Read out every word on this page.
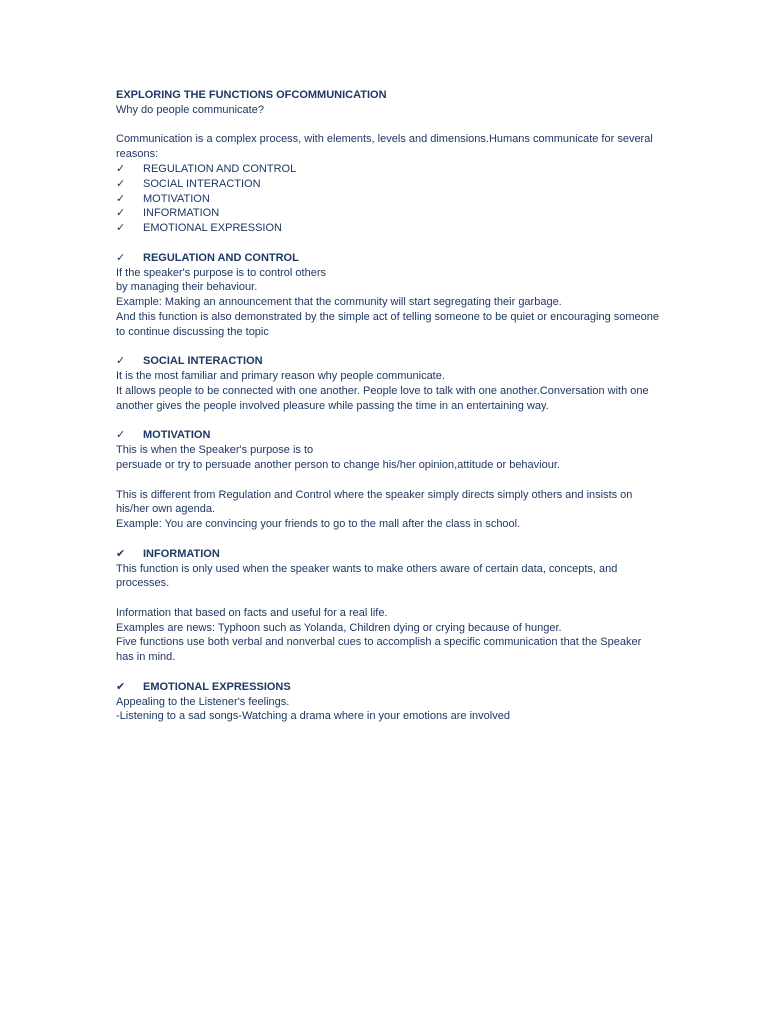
EXPLORING THE FUNCTIONS OFCOMMUNICATION
Why do people communicate?
Communication is a complex process, with elements, levels and dimensions.Humans communicate for several reasons:
✓	REGULATION AND CONTROL
✓	SOCIAL INTERACTION
✓	MOTIVATION
✓	INFORMATION
✓	EMOTIONAL EXPRESSION
✓	REGULATION AND CONTROL
If the speaker's purpose is to control others
by managing their behaviour.
Example: Making an announcement that the community will start segregating their garbage.
And this function is also demonstrated by the simple act of telling someone to be quiet or encouraging someone to continue discussing the topic
✓	SOCIAL INTERACTION
It is the most familiar and primary reason why people communicate.
It allows people to be connected with one another. People love to talk with one another.Conversation with one another gives the people involved pleasure while passing the time in an entertaining way.
✓	MOTIVATION
This is when the Speaker's purpose is to
persuade or try to persuade another person to change his/her opinion,attitude or behaviour.
This is different from Regulation and Control where the speaker simply directs simply others and insists on his/her own agenda.
Example: You are convincing your friends to go to the mall after the class in school.
✔	INFORMATION
This function is only used when the speaker wants to make others aware of certain data, concepts, and processes.
Information that based on facts and useful for a real life.
Examples are news: Typhoon such as Yolanda, Children dying or crying because of hunger.
Five functions use both verbal and nonverbal cues to accomplish a specific communication that the Speaker has in mind.
✔	EMOTIONAL EXPRESSIONS
Appealing to the Listener's feelings.
-Listening to a sad songs-Watching a drama where in your emotions are involved
